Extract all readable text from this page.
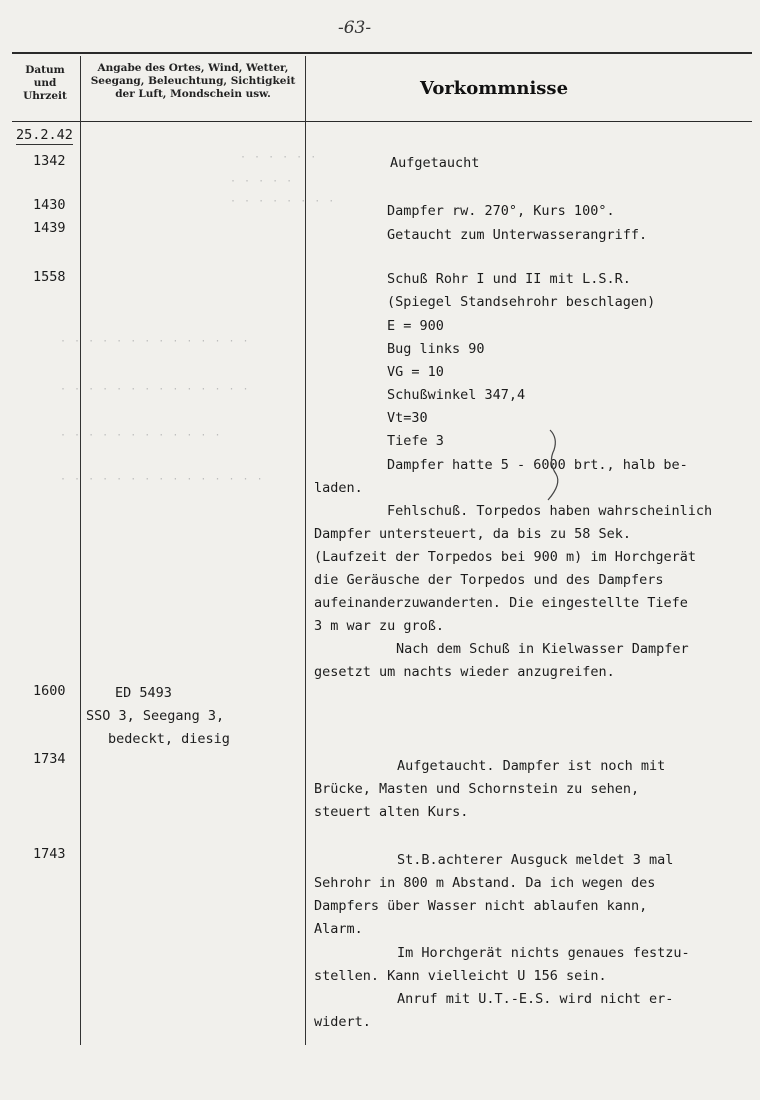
-63-
Datum und Uhrzeit
Angabe des Ortes, Wind, Wetter, Seegang, Beleuchtung, Sichtigkeit der Luft, Mondschein usw.	Vorkommnisse
25.2.42
· · · · · ·
· · · · ·
· · · · · · · ·
· · · · · · · · · · · · · ·
· · · · · · · · · · · · · ·
· · · · · · · · · · · ·
· · · · · · · · · · · · · · ·
1342
1430
1439
1558
1600
1734
1743
ED 5493
SSO 3, Seegang 3,
bedeckt, diesig
Aufgetaucht
Dampfer rw. 270°, Kurs 100°.
Getaucht zum Unterwasserangriff.
Schuß Rohr I und II mit L.S.R.
(Spiegel Standsehrohr beschlagen)
E = 900
Bug links 90
VG = 10
Schußwinkel 347,4
Vt=30
Tiefe 3
Dampfer hatte 5 - 6000 brt., halb be-
laden.
Fehlschuß. Torpedos haben wahrscheinlich
Dampfer untersteuert, da bis zu 58 Sek.
(Laufzeit der Torpedos bei 900 m) im Horchgerät
die Geräusche der Torpedos und des Dampfers
aufeinanderzuwanderten. Die eingestellte Tiefe
3 m war zu groß.
Nach dem Schuß in Kielwasser Dampfer
gesetzt um nachts wieder anzugreifen.
Aufgetaucht. Dampfer ist noch mit
Brücke, Masten und Schornstein zu sehen,
steuert alten Kurs.
St.B.achterer Ausguck meldet 3 mal
Sehrohr in 800 m Abstand. Da ich wegen des
Dampfers über Wasser nicht ablaufen kann,
Alarm.
Im Horchgerät nichts genaues festzu-
stellen. Kann vielleicht U 156 sein.
Anruf mit U.T.-E.S. wird nicht er-
widert.
